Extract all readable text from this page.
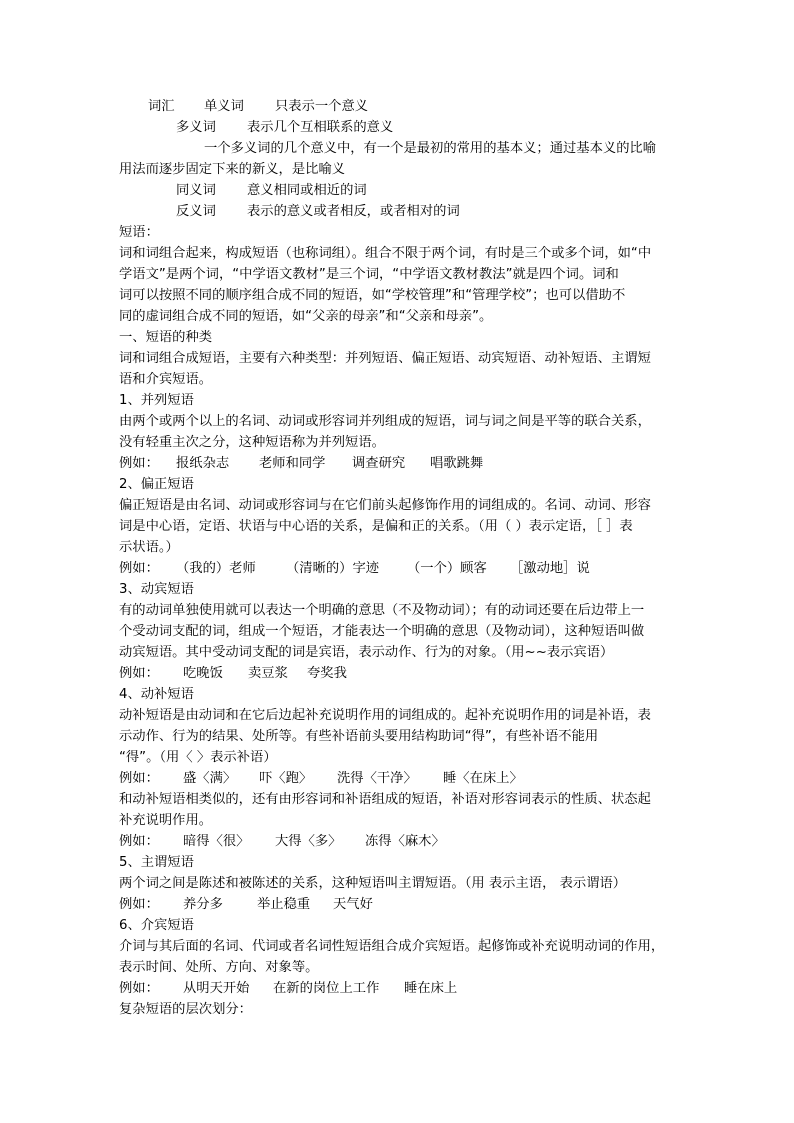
词汇 单义词 只表示一个意义
多义词 表示几个互相联系的意义
一个多义词的几个意义中，有一个是最初的常用的基本义；通过基本义的比喻
用法而逐步固定下来的新义，是比喻义
同义词 意义相同或相近的词
反义词 表示的意义或者相反，或者相对的词
短语：
词和词组合起来，构成短语（也称词组）。组合不限于两个词，有时是三个或多个词，如“中
学语文”是两个词，“中学语文教材”是三个词，“中学语文教材教法”就是四个词。词和
词可以按照不同的顺序组合成不同的短语，如“学校管理”和“管理学校”；也可以借助不
同的虚词组合成不同的短语，如“父亲的母亲”和“父亲和母亲”。
一、短语的种类
词和词组合成短语，主要有六种类型：并列短语、偏正短语、动宾短语、动补短语、主谓短
语和介宾短语。
1、并列短语
由两个或两个以上的名词、动词或形容词并列组成的短语，词与词之间是平等的联合关系，
没有轻重主次之分，这种短语称为并列短语。
例如： 报纸杂志 老师和同学 调查研究 唱歌跳舞
2、偏正短语
偏正短语是由名词、动词或形容词与在它们前头起修饰作用的词组成的。名词、动词、形容
词是中心语，定语、状语与中心语的关系，是偏和正的关系。（用（ ）表示定语，［ ］表
示状语。）
例如： （我的）老师 （清晰的）字迹 （一个）顾客 ［激动地］说
3、动宾短语
有的动词单独使用就可以表达一个明确的意思（不及物动词）；有的动词还要在后边带上一
个受动词支配的词，组成一个短语，才能表达一个明确的意思（及物动词），这种短语叫做
动宾短语。其中受动词支配的词是宾语，表示动作、行为的对象。（用~~表示宾语）
例如： 吃晚饭 卖豆浆 夸奖我
4、动补短语
动补短语是由动词和在它后边起补充说明作用的词组成的。起补充说明作用的词是补语，表
示动作、行为的结果、处所等。有些补语前头要用结构助词“得”，有些补语不能用
“得”。（用〈 〉表示补语）
例如： 盛〈满〉 吓〈跑〉 洗得〈干净〉 睡〈在床上〉
和动补短语相类似的，还有由形容词和补语组成的短语，补语对形容词表示的性质、状态起
补充说明作用。
例如： 暗得〈很〉 大得〈多〉 冻得〈麻木〉
5、主谓短语
两个词之间是陈述和被陈述的关系，这种短语叫主谓短语。（用 表示主语， 表示谓语）
例如： 养分多	举止稳重 天气好
6、介宾短语
介词与其后面的名词、代词或者名词性短语组合成介宾短语。起修饰或补充说明动词的作用，
表示时间、处所、方向、对象等。
例如： 从明天开始 在新的岗位上工作 睡在床上
复杂短语的层次划分：
